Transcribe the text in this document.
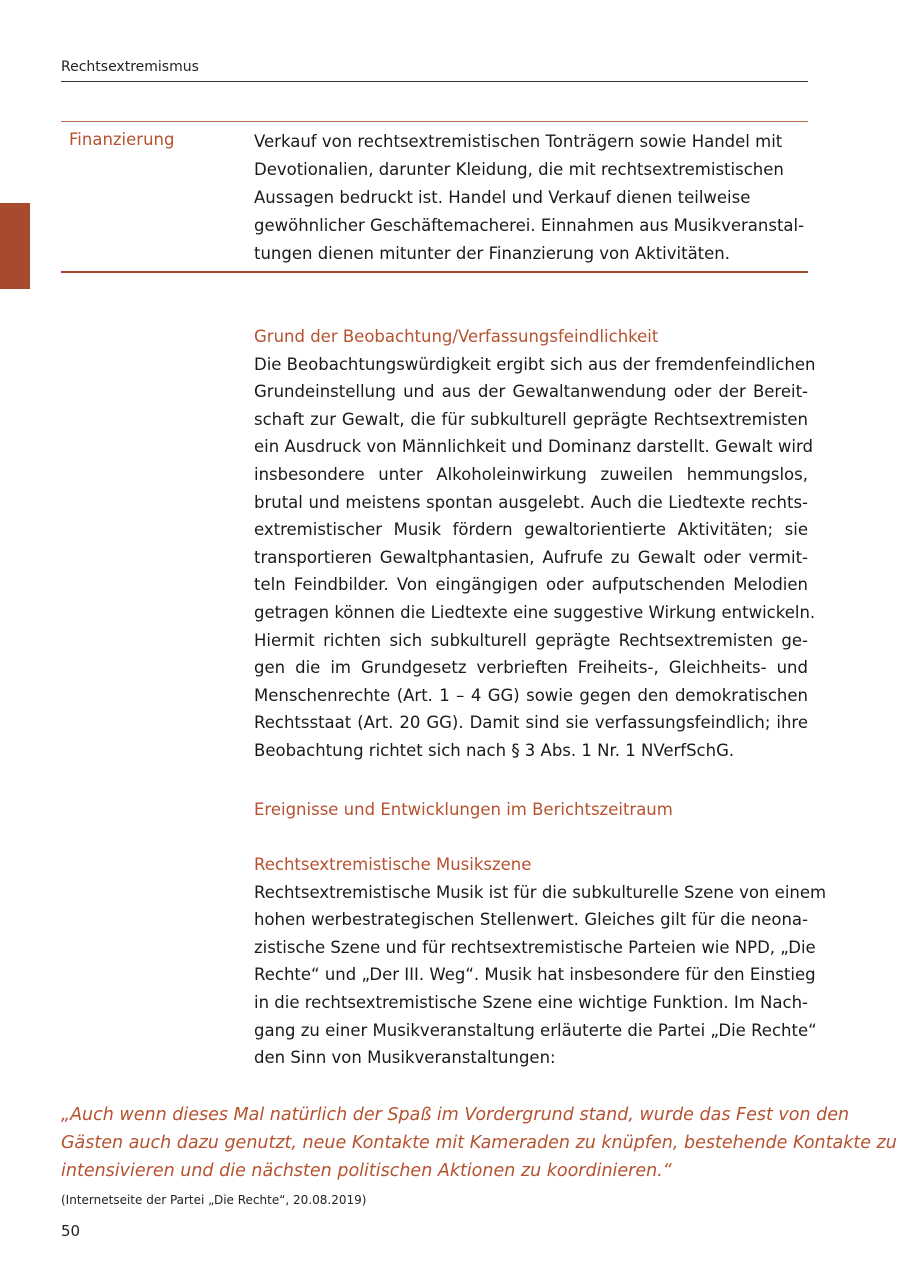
Rechtsextremismus
Finanzierung	Verkauf von rechtsextremistischen Tonträgern sowie Handel mit
Devotionalien, darunter Kleidung, die mit rechtsextremistischen
Aussagen bedruckt ist. Handel und Verkauf dienen teilweise
gewöhnlicher Geschäftemacherei. Einnahmen aus Musikveranstal-
tungen dienen mitunter der Finanzierung von Aktivitäten.
Grund der Beobachtung/Verfassungsfeindlichkeit
Die Beobachtungswürdigkeit ergibt sich aus der fremdenfeindlichen
Grundeinstellung und aus der Gewaltanwendung oder der Bereit-
schaft zur Gewalt, die für subkulturell geprägte Rechtsextremisten
ein Ausdruck von Männlichkeit und Dominanz darstellt. Gewalt wird
insbesondere unter Alkoholeinwirkung zuweilen hemmungslos,
brutal und meistens spontan ausgelebt. Auch die Liedtexte rechts-
extremistischer Musik fördern gewaltorientierte Aktivitäten; sie
transportieren Gewaltphantasien, Aufrufe zu Gewalt oder vermit-
teln Feindbilder. Von eingängigen oder aufputschenden Melodien
getragen können die Liedtexte eine suggestive Wirkung entwickeln.
Hiermit richten sich subkulturell geprägte Rechtsextremisten ge-
gen die im Grundgesetz verbrieften Freiheits-, Gleichheits- und
Menschenrechte (Art. 1 – 4 GG) sowie gegen den demokratischen
Rechtsstaat (Art. 20 GG). Damit sind sie verfassungsfeindlich; ihre
Beobachtung richtet sich nach § 3 Abs. 1 Nr. 1 NVerfSchG.
Ereignisse und Entwicklungen im Berichtszeitraum
Rechtsextremistische Musikszene
Rechtsextremistische Musik ist für die subkulturelle Szene von einem
hohen werbestrategischen Stellenwert. Gleiches gilt für die neona-
zistische Szene und für rechtsextremistische Parteien wie NPD, „Die
Rechte“ und „Der III. Weg“. Musik hat insbesondere für den Einstieg
in die rechtsextremistische Szene eine wichtige Funktion. Im Nach-
gang zu einer Musikveranstaltung erläuterte die Partei „Die Rechte“
den Sinn von Musikveranstaltungen:
„Auch wenn dieses Mal natürlich der Spaß im Vordergrund stand, wurde das Fest von den
Gästen auch dazu genutzt, neue Kontakte mit Kameraden zu knüpfen, bestehende Kontakte zu
intensivieren und die nächsten politischen Aktionen zu koordinieren.“
(Internetseite der Partei „Die Rechte“, 20.08.2019)
50
